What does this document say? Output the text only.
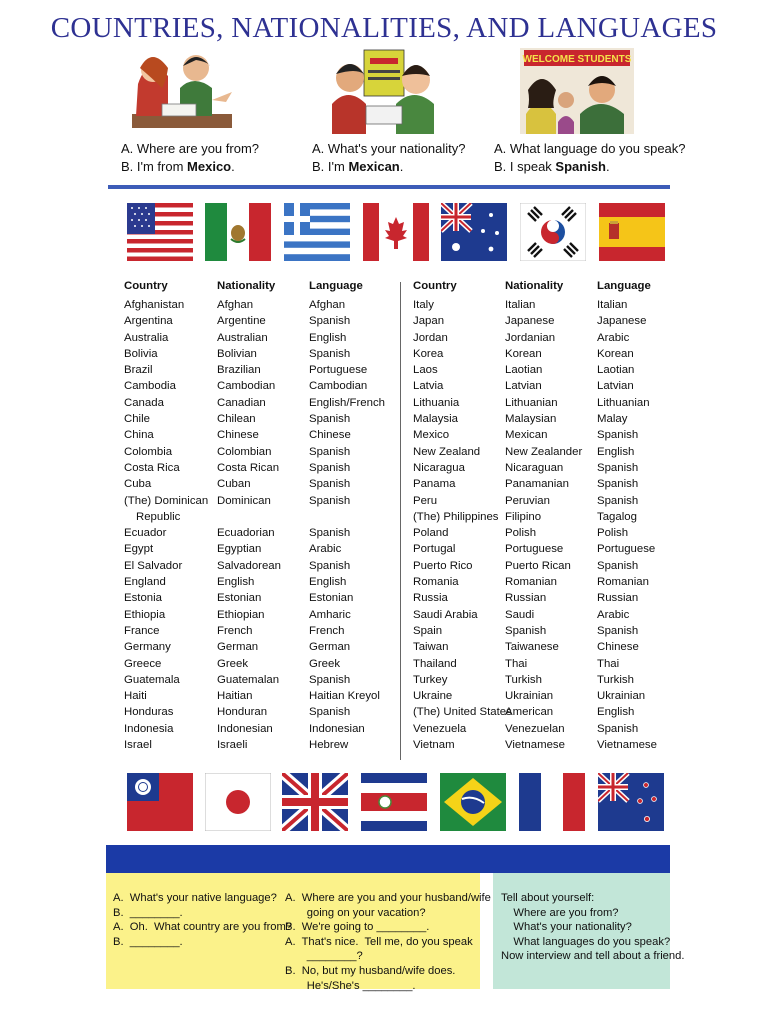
COUNTRIES, NATIONALITIES, AND LANGUAGES
WELCOME STUDENTS
A. Where are you from?
B. I'm from Mexico.
A. What's your nationality?
B. I'm Mexican.
A. What language do you speak?
B. I speak Spanish.
Country
Afghanistan
Argentina
Australia
Bolivia
Brazil
Cambodia
Canada
Chile
China
Colombia
Costa Rica
Cuba
(The) Dominican
Republic
Ecuador
Egypt
El Salvador
England
Estonia
Ethiopia
France
Germany
Greece
Guatemala
Haiti
Honduras
Indonesia
Israel
Nationality
Afghan
Argentine
Australian
Bolivian
Brazilian
Cambodian
Canadian
Chilean
Chinese
Colombian
Costa Rican
Cuban
Dominican
Ecuadorian
Egyptian
Salvadorean
English
Estonian
Ethiopian
French
German
Greek
Guatemalan
Haitian
Honduran
Indonesian
Israeli
Language
Afghan
Spanish
English
Spanish
Portuguese
Cambodian
English/French
Spanish
Chinese
Spanish
Spanish
Spanish
Spanish
Spanish
Arabic
Spanish
English
Estonian
Amharic
French
German
Greek
Spanish
Haitian Kreyol
Spanish
Indonesian
Hebrew
Country
Italy
Japan
Jordan
Korea
Laos
Latvia
Lithuania
Malaysia
Mexico
New Zealand
Nicaragua
Panama
Peru
(The) Philippines
Poland
Portugal
Puerto Rico
Romania
Russia
Saudi Arabia
Spain
Taiwan
Thailand
Turkey
Ukraine
(The) United States
Venezuela
Vietnam
Nationality
Italian
Japanese
Jordanian
Korean
Laotian
Latvian
Lithuanian
Malaysian
Mexican
New Zealander
Nicaraguan
Panamanian
Peruvian
Filipino
Polish
Portuguese
Puerto Rican
Romanian
Russian
Saudi
Spanish
Taiwanese
Thai
Turkish
Ukrainian
American
Venezuelan
Vietnamese
Language
Italian
Japanese
Arabic
Korean
Laotian
Latvian
Lithuanian
Malay
Spanish
English
Spanish
Spanish
Spanish
Tagalog
Polish
Portuguese
Spanish
Romanian
Russian
Arabic
Spanish
Chinese
Thai
Turkish
Ukrainian
English
Spanish
Vietnamese
A.  What's your native language?
B.  ________.
A.  Oh.  What country are you from?
B.  ________.
A.  Where are you and your husband/wife
going on your vacation?
B.  We're going to ________.
A.  That's nice.  Tell me, do you speak
________?
B.  No, but my husband/wife does.
He's/She's ________.
Tell about yourself:
Where are you from?
What's your nationality?
What languages do you speak?
Now interview and tell about a friend.
